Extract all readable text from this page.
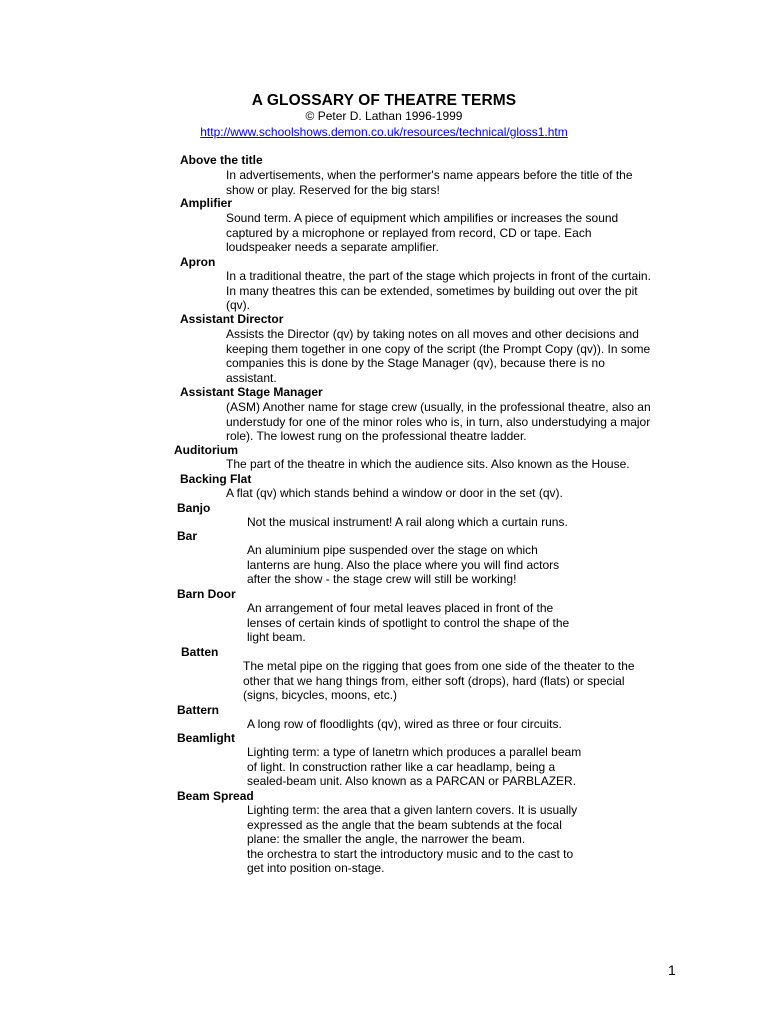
A GLOSSARY OF THEATRE TERMS
© Peter D. Lathan 1996-1999
http://www.schoolshows.demon.co.uk/resources/technical/gloss1.htm
Above the title
In advertisements, when the performer's name appears before the title of the
show or play. Reserved for the big stars!
Amplifier
Sound term. A piece of equipment which ampilifies or increases the sound
captured by a microphone or replayed from record, CD or tape. Each
loudspeaker needs a separate amplifier.
Apron
In a traditional theatre, the part of the stage which projects in front of the curtain.
In many theatres this can be extended, sometimes by building out over the pit
(qv).
Assistant Director
Assists the Director (qv) by taking notes on all moves and other decisions and
keeping them together in one copy of the script (the Prompt Copy (qv)). In some
companies this is done by the Stage Manager (qv), because there is no
assistant.
Assistant Stage Manager
(ASM) Another name for stage crew (usually, in the professional theatre, also an
understudy for one of the minor roles who is, in turn, also understudying a major
role). The lowest rung on the professional theatre ladder.
Auditorium
The part of the theatre in which the audience sits. Also known as the House.
Backing Flat
A flat (qv) which stands behind a window or door in the set (qv).
Banjo
Not the musical instrument! A rail along which a curtain runs.
Bar
An aluminium pipe suspended over the stage on which
lanterns are hung. Also the place where you will find actors
after the show - the stage crew will still be working!
Barn Door
An arrangement of four metal leaves placed in front of the
lenses of certain kinds of spotlight to control the shape of the
light beam.
Batten
The metal pipe on the rigging that goes from one side of the theater to the
other that we hang things from, either soft (drops), hard (flats) or special
(signs, bicycles, moons, etc.)
Battern
A long row of floodlights (qv), wired as three or four circuits.
Beamlight
Lighting term: a type of lanetrn which produces a parallel beam
of light. In construction rather like a car headlamp, being a
sealed-beam unit. Also known as a PARCAN or PARBLAZER.
Beam Spread
Lighting term: the area that a given lantern covers. It is usually
expressed as the angle that the beam subtends at the focal
plane: the smaller the angle, the narrower the beam.
the orchestra to start the introductory music and to the cast to
get into position on-stage.
1
